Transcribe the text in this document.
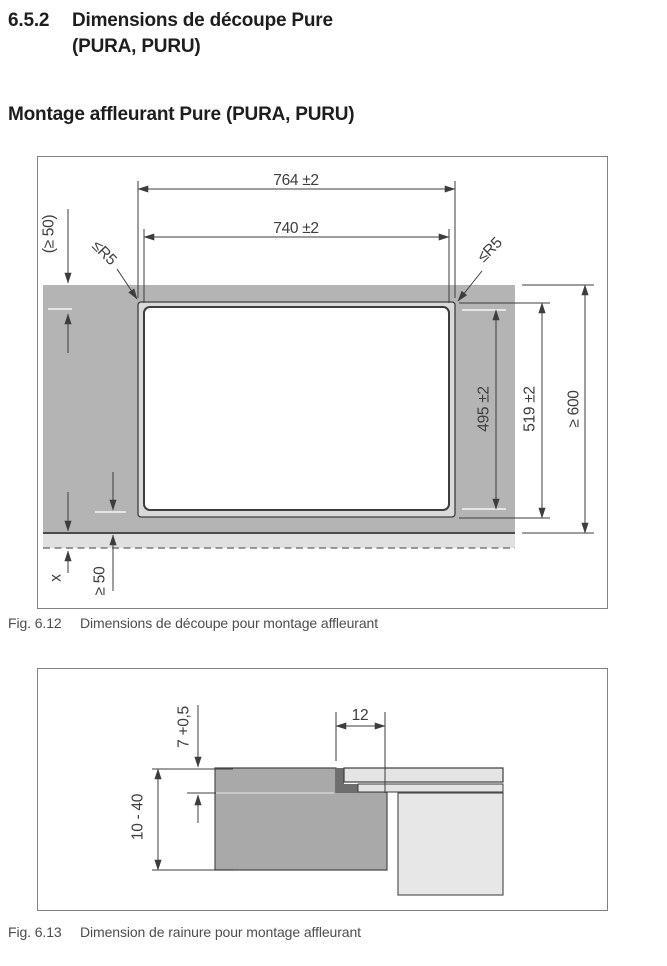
6.5.2	Dimensions de découpe Pure
(PURA, PURU)
Montage affleurant Pure (PURA, PURU)
764 ±2
740 ±2
(≥ 50) ≤R5	≤R5
495 ±2 519 ±2 ≥ 600
x ≥ 50
Fig. 6.12	Dimensions de découpe pour montage affleurant
12
7 +0,5
10 - 40
Fig. 6.13	Dimension de rainure pour montage affleurant
